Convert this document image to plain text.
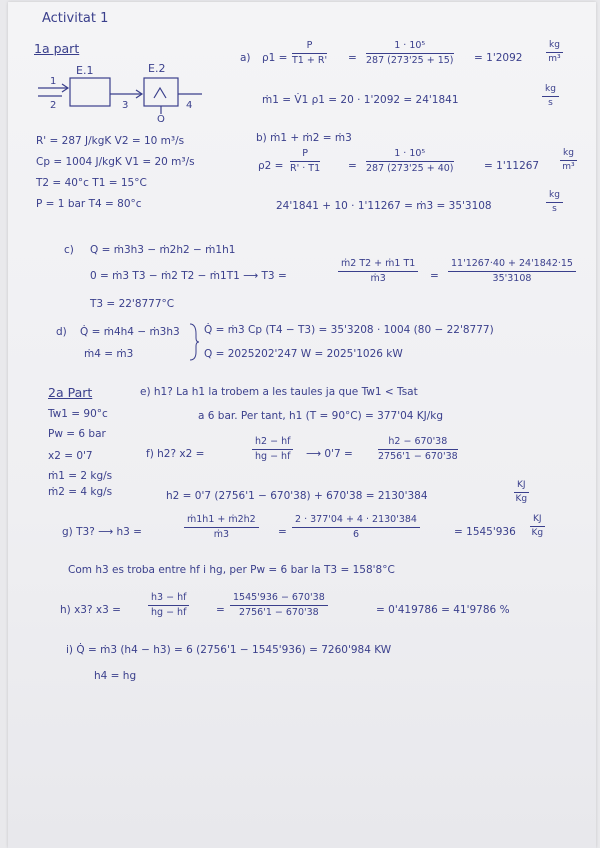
Activitat 1
1a part
E.1	E.2
1
2	3	4
Q
R' = 287 J/kgK V2 = 10 m³/s
Cp = 1004 J/kgK V1 = 20 m³/s
T2 = 40°c T1 = 15°C
P = 1 bar T4 = 80°c
a) $\rho 1 = \frac{P}{T1 + R'} = \frac{\text{1 · 10⁵}}{287 (273'25 + 15)} = 1'2092$	$\frac{kg}{\text{m³}}$
ṁ1 = V̇1 ρ1 = 20 · 1'2092 = 24'1841	$\frac{kg}{s}$
b) ṁ1 + ṁ2 = ṁ3
$\rho 2 = \frac{P}{R' \cdot T1}$	= $\frac{\text{1 · 10⁵}}{287 (273'25 + 40)}$	= $1'11267 \frac{kg}{\text{m³}}$
24'1841 + 10 · 1'11267 = ṁ3 = 35'3108	$\frac{kg}{s}$
c) Q = ṁ3h3 − ṁ2h2 − ṁ1h1
0 = ṁ3 T3 − ṁ2 T2 − ṁ1T1 ⟶ T3 =	$\frac{\text{ṁ2 T2 + ṁ1 T1}}{\text{ṁ3}} = \frac{11'1267\cdot 40 + 24'1842\cdot 15}{35'3108}$
T3 = 22'8777°C
d) Q̇ = ṁ4h4 − ṁ3h3
ṁ4 = ṁ3
Q̇ = ṁ3 Cp (T4 − T3) = 35'3208 · 1004 (80 − 22'8777)
Q = 2025202'247 W = 2025'1026 kW
2a Part
Tw1 = 90°c
Pw = 6 bar
x2 = 0'7
ṁ1 = 2 kg/s
ṁ2 = 4 kg/s
e) h1? La h1 la trobem a les taules ja que Tw1 < Tsat
a 6 bar. Per tant, h1 (T = 90°C) = 377'04 KJ/kg
f) h2? x2 =	$\frac{h2 - hf}{hg - hf}$ ⟶ 0'7 =	$\frac{h2 - 670'38}{2756'1 - 670'38}$
h2 = 0'7 (2756'1 − 670'38) + 670'38 = 2130'384	$\frac{KJ}{Kg}$
g) T3? ⟶ h3 =	$\frac{\text{ṁ1h1 + ṁ2h2}}{\text{ṁ3}} = \frac{2 \cdot 377'04 + 4 \cdot 2130'384}{6}$	= $1545'936 \frac{KJ}{Kg}$
Com h3 es troba entre hf i hg, per Pw = 6 bar la T3 = 158'8°C
h) x3? x3 =	$\frac{h3 - hf}{hg - hf}$	= $\frac{1545'936 - 670'38}{2756'1 - 670'38}$	= 0'419786 = 41'9786 %
i) Q̇ = ṁ3 (h4 − h3) = 6 (2756'1 − 1545'936) = 7260'984 KW
h4 = hg
